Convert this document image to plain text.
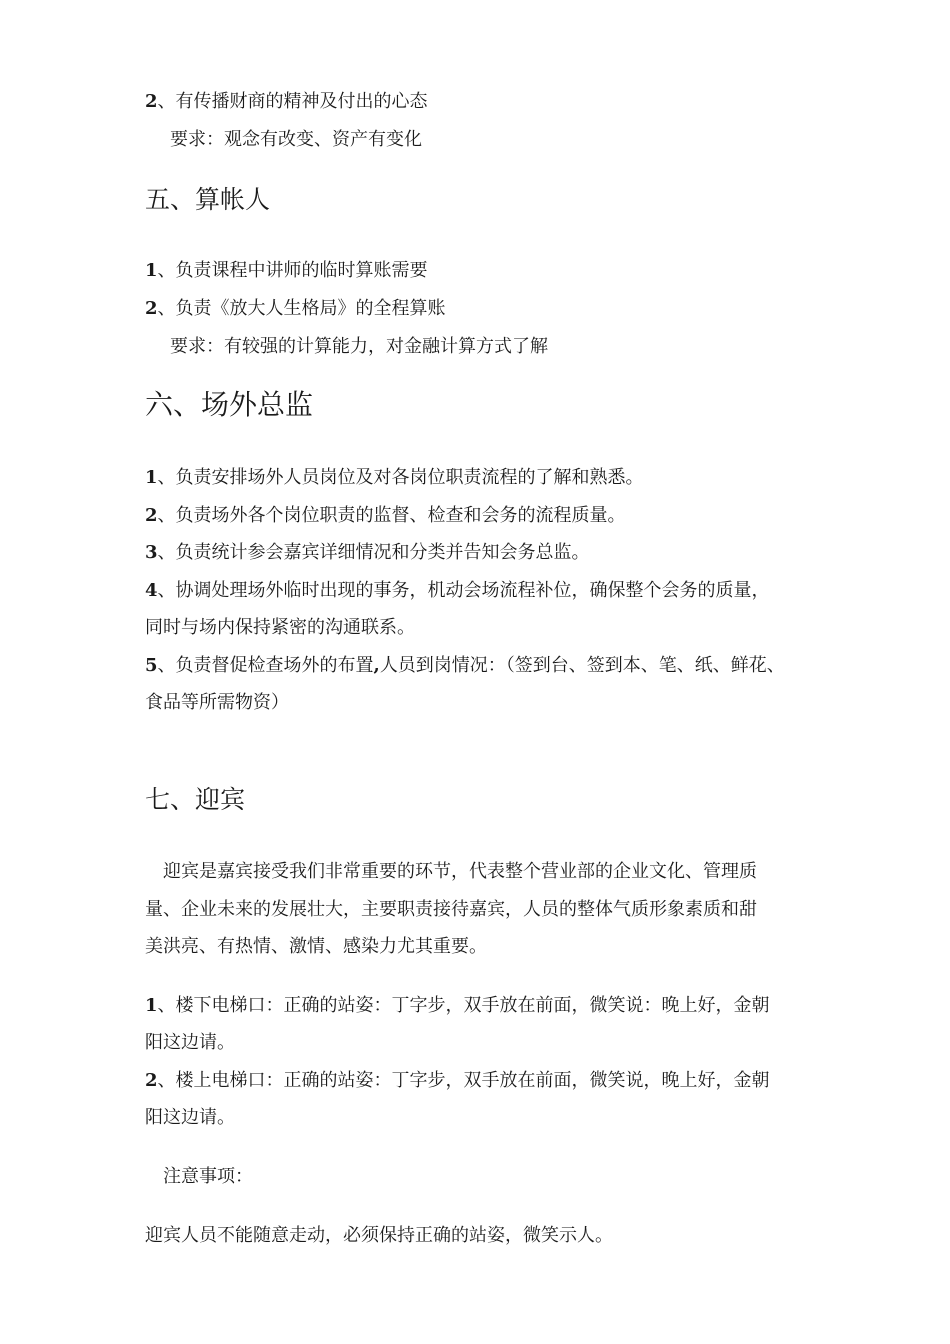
2、有传播财商的精神及付出的心态
要求：观念有改变、资产有变化
五、算帐人
1、负责课程中讲师的临时算账需要
2、负责《放大人生格局》的全程算账
要求：有较强的计算能力，对金融计算方式了解
六、场外总监
1、负责安排场外人员岗位及对各岗位职责流程的了解和熟悉。
2、负责场外各个岗位职责的监督、检查和会务的流程质量。
3、负责统计参会嘉宾详细情况和分类并告知会务总监。
4、协调处理场外临时出现的事务，机动会场流程补位，确保整个会务的质量，
同时与场内保持紧密的沟通联系。
5、负责督促检查场外的布置,人员到岗情况：（签到台、签到本、笔、纸、鲜花、
食品等所需物资）
七、迎宾
迎宾是嘉宾接受我们非常重要的环节，代表整个营业部的企业文化、管理质
量、企业未来的发展壮大，主要职责接待嘉宾，人员的整体气质形象素质和甜
美洪亮、有热情、激情、感染力尤其重要。
1、楼下电梯口：正确的站姿：丁字步，双手放在前面，微笑说：晚上好，金朝
阳这边请。
2、楼上电梯口：正确的站姿：丁字步，双手放在前面，微笑说，晚上好，金朝
阳这边请。
注意事项：
迎宾人员不能随意走动，必须保持正确的站姿，微笑示人。
